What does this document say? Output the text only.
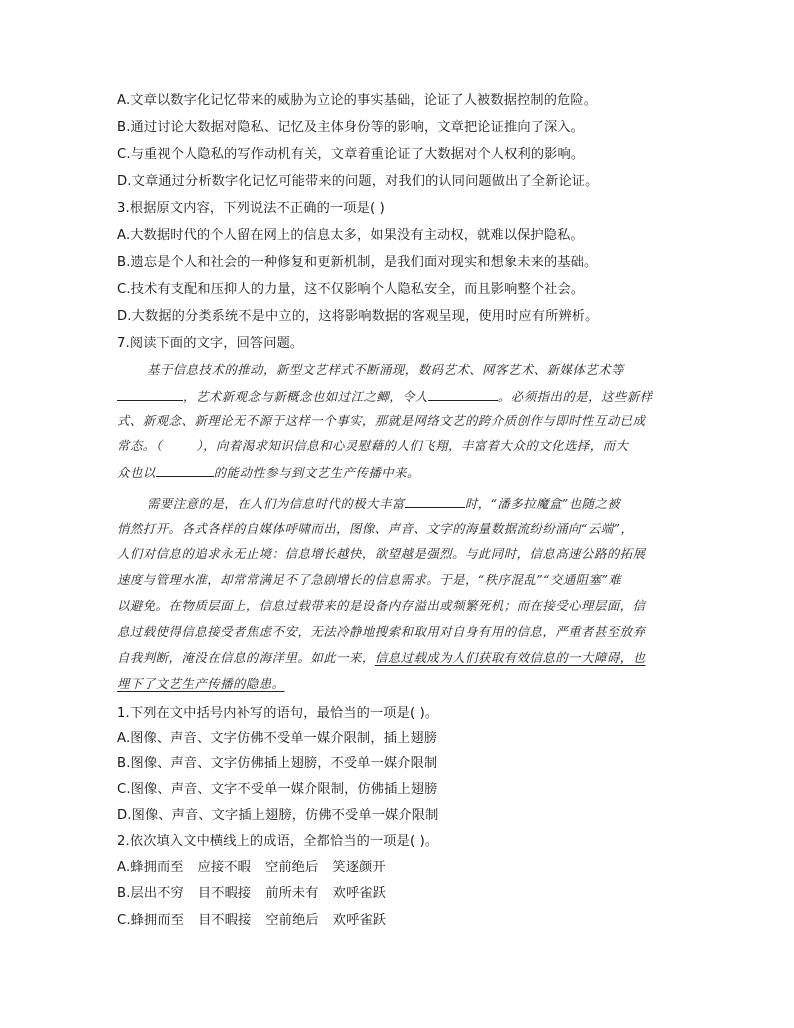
A.文章以数字化记忆带来的威胁为立论的事实基础，论证了人被数据控制的危险。
B.通过讨论大数据对隐私、记忆及主体身份等的影响，文章把论证推向了深入。
C.与重视个人隐私的写作动机有关，文章着重论证了大数据对个人权利的影响。
D.文章通过分析数字化记忆可能带来的问题，对我们的认同问题做出了全新论证。
3.根据原文内容，下列说法不正确的一项是( )
A.大数据时代的个人留在网上的信息太多，如果没有主动权，就难以保护隐私。
B.遗忘是个人和社会的一种修复和更新机制，是我们面对现实和想象未来的基础。
C.技术有支配和压抑人的力量，这不仅影响个人隐私安全，而且影响整个社会。
D.大数据的分类系统不是中立的，这将影响数据的客观呈现，使用时应有所辨析。
7.阅读下面的文字，回答问题。
基于信息技术的推动，新型文艺样式不断涌现，数码艺术、网客艺术、新媒体艺术等
，艺术新观念与新概念也如过江之鲫，令人	。必须指出的是，这些新样
式、新观念、新理论无不源于这样一个事实，那就是网络文艺的跨介质创作与即时性互动已成
常态。（	），向着渴求知识信息和心灵慰藉的人们飞翔，丰富着大众的文化选择，而大
众也以	的能动性参与到文艺生产传播中来。
需要注意的是，在人们为信息时代的极大丰富	时，“潘多拉魔盒”也随之被
悄然打开。各式各样的自媒体呼啸而出，图像、声音、文字的海量数据流纷纷涌向“云端”，
人们对信息的追求永无止境：信息增长越快，欲望越是强烈。与此同时，信息高速公路的拓展
速度与管理水准，却常常满足不了急剧增长的信息需求。于是，“秩序混乱”“交通阻塞”难
以避免。在物质层面上，信息过载带来的是设备内存溢出或频繁死机；而在接受心理层面，信
息过载使得信息接受者焦虑不安，无法冷静地搜索和取用对自身有用的信息，严重者甚至放弃
自我判断，淹没在信息的海洋里。如此一来，信息过载成为人们获取有效信息的一大障碍，也
埋下了文艺生产传播的隐患。
1.下列在文中括号内补写的语句，最恰当的一项是( )。
A.图像、声音、文字仿佛不受单一媒介限制，插上翅膀
B.图像、声音、文字仿佛插上翅膀，不受单一媒介限制
C.图像、声音、文字不受单一媒介限制，仿佛插上翅膀
D.图像、声音、文字插上翅膀，仿佛不受单一媒介限制
2.依次填入文中横线上的成语，全都恰当的一项是( )。
A.蜂拥而至 应接不暇 空前绝后 笑逐颜开
B.层出不穷 目不暇接 前所未有 欢呼雀跃
C.蜂拥而至 目不暇接 空前绝后 欢呼雀跃
